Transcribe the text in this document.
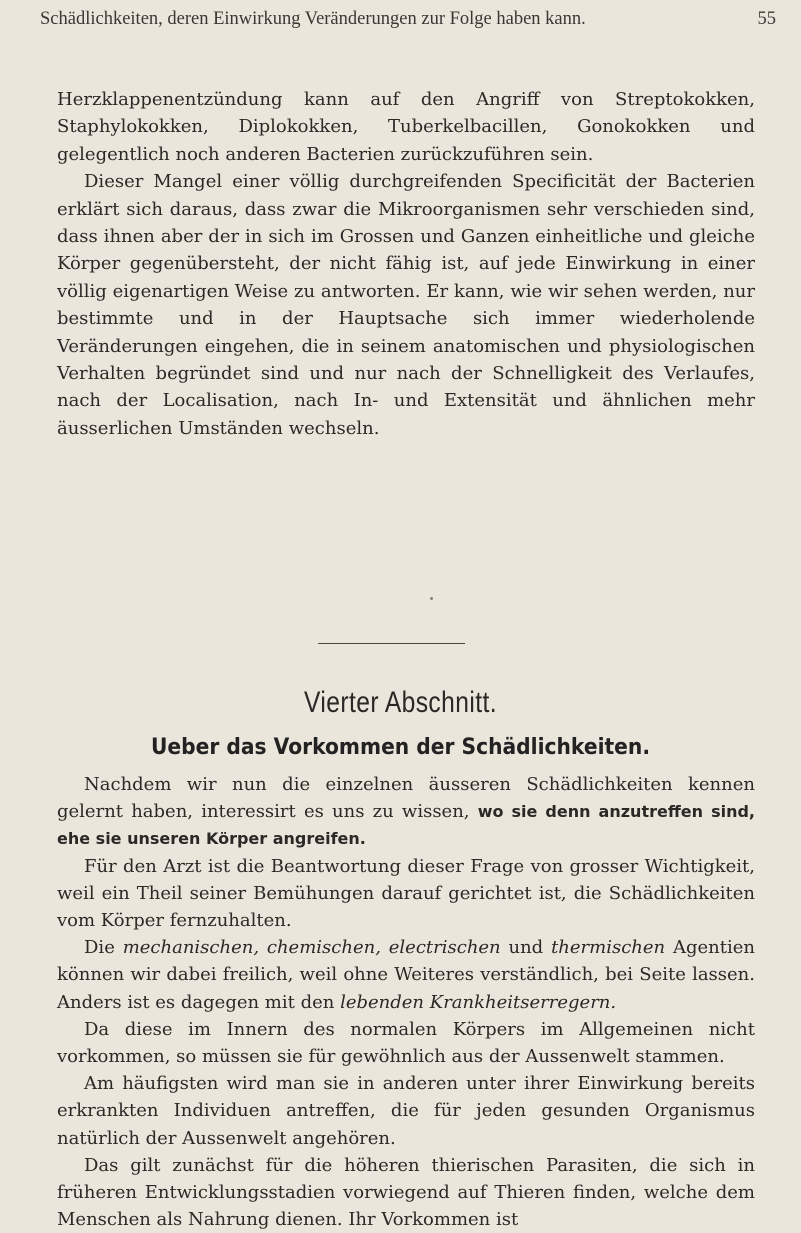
Schädlichkeiten, deren Einwirkung Veränderungen zur Folge haben kann.	55

Herzklappenentzündung kann auf den Angriff von Streptokokken, Staphylokokken, Diplokokken, Tuberkelbacillen, Gonokokken und gelegentlich noch anderen Bacterien zurückzuführen sein.

Dieser Mangel einer völlig durchgreifenden Specificität der Bacterien erklärt sich daraus, dass zwar die Mikroorganismen sehr verschieden sind, dass ihnen aber der in sich im Grossen und Ganzen einheitliche und gleiche Körper gegenübersteht, der nicht fähig ist, auf jede Einwirkung in einer völlig eigenartigen Weise zu antworten. Er kann, wie wir sehen werden, nur bestimmte und in der Hauptsache sich immer wiederholende Veränderungen eingehen, die in seinem anatomischen und physiologischen Verhalten begründet sind und nur nach der Schnelligkeit des Verlaufes, nach der Localisation, nach In- und Extensität und ähnlichen mehr äusserlichen Umständen wechseln.

Vierter Abschnitt.
Ueber das Vorkommen der Schädlichkeiten.

Nachdem wir nun die einzelnen äusseren Schädlichkeiten kennen gelernt haben, interessirt es uns zu wissen, wo sie denn anzutreffen sind, ehe sie unseren Körper angreifen.

Für den Arzt ist die Beantwortung dieser Frage von grosser Wichtigkeit, weil ein Theil seiner Bemühungen darauf gerichtet ist, die Schädlichkeiten vom Körper fernzuhalten.

Die mechanischen, chemischen, electrischen und thermischen Agentien können wir dabei freilich, weil ohne Weiteres verständlich, bei Seite lassen. Anders ist es dagegen mit den lebenden Krankheitserregern.

Da diese im Innern des normalen Körpers im Allgemeinen nicht vorkommen, so müssen sie für gewöhnlich aus der Aussenwelt stammen.

Am häufigsten wird man sie in anderen unter ihrer Einwirkung bereits erkrankten Individuen antreffen, die für jeden gesunden Organismus natürlich der Aussenwelt angehören.

Das gilt zunächst für die höheren thierischen Parasiten, die sich in früheren Entwicklungsstadien vorwiegend auf Thieren finden, welche dem Menschen als Nahrung dienen. Ihr Vorkommen ist
